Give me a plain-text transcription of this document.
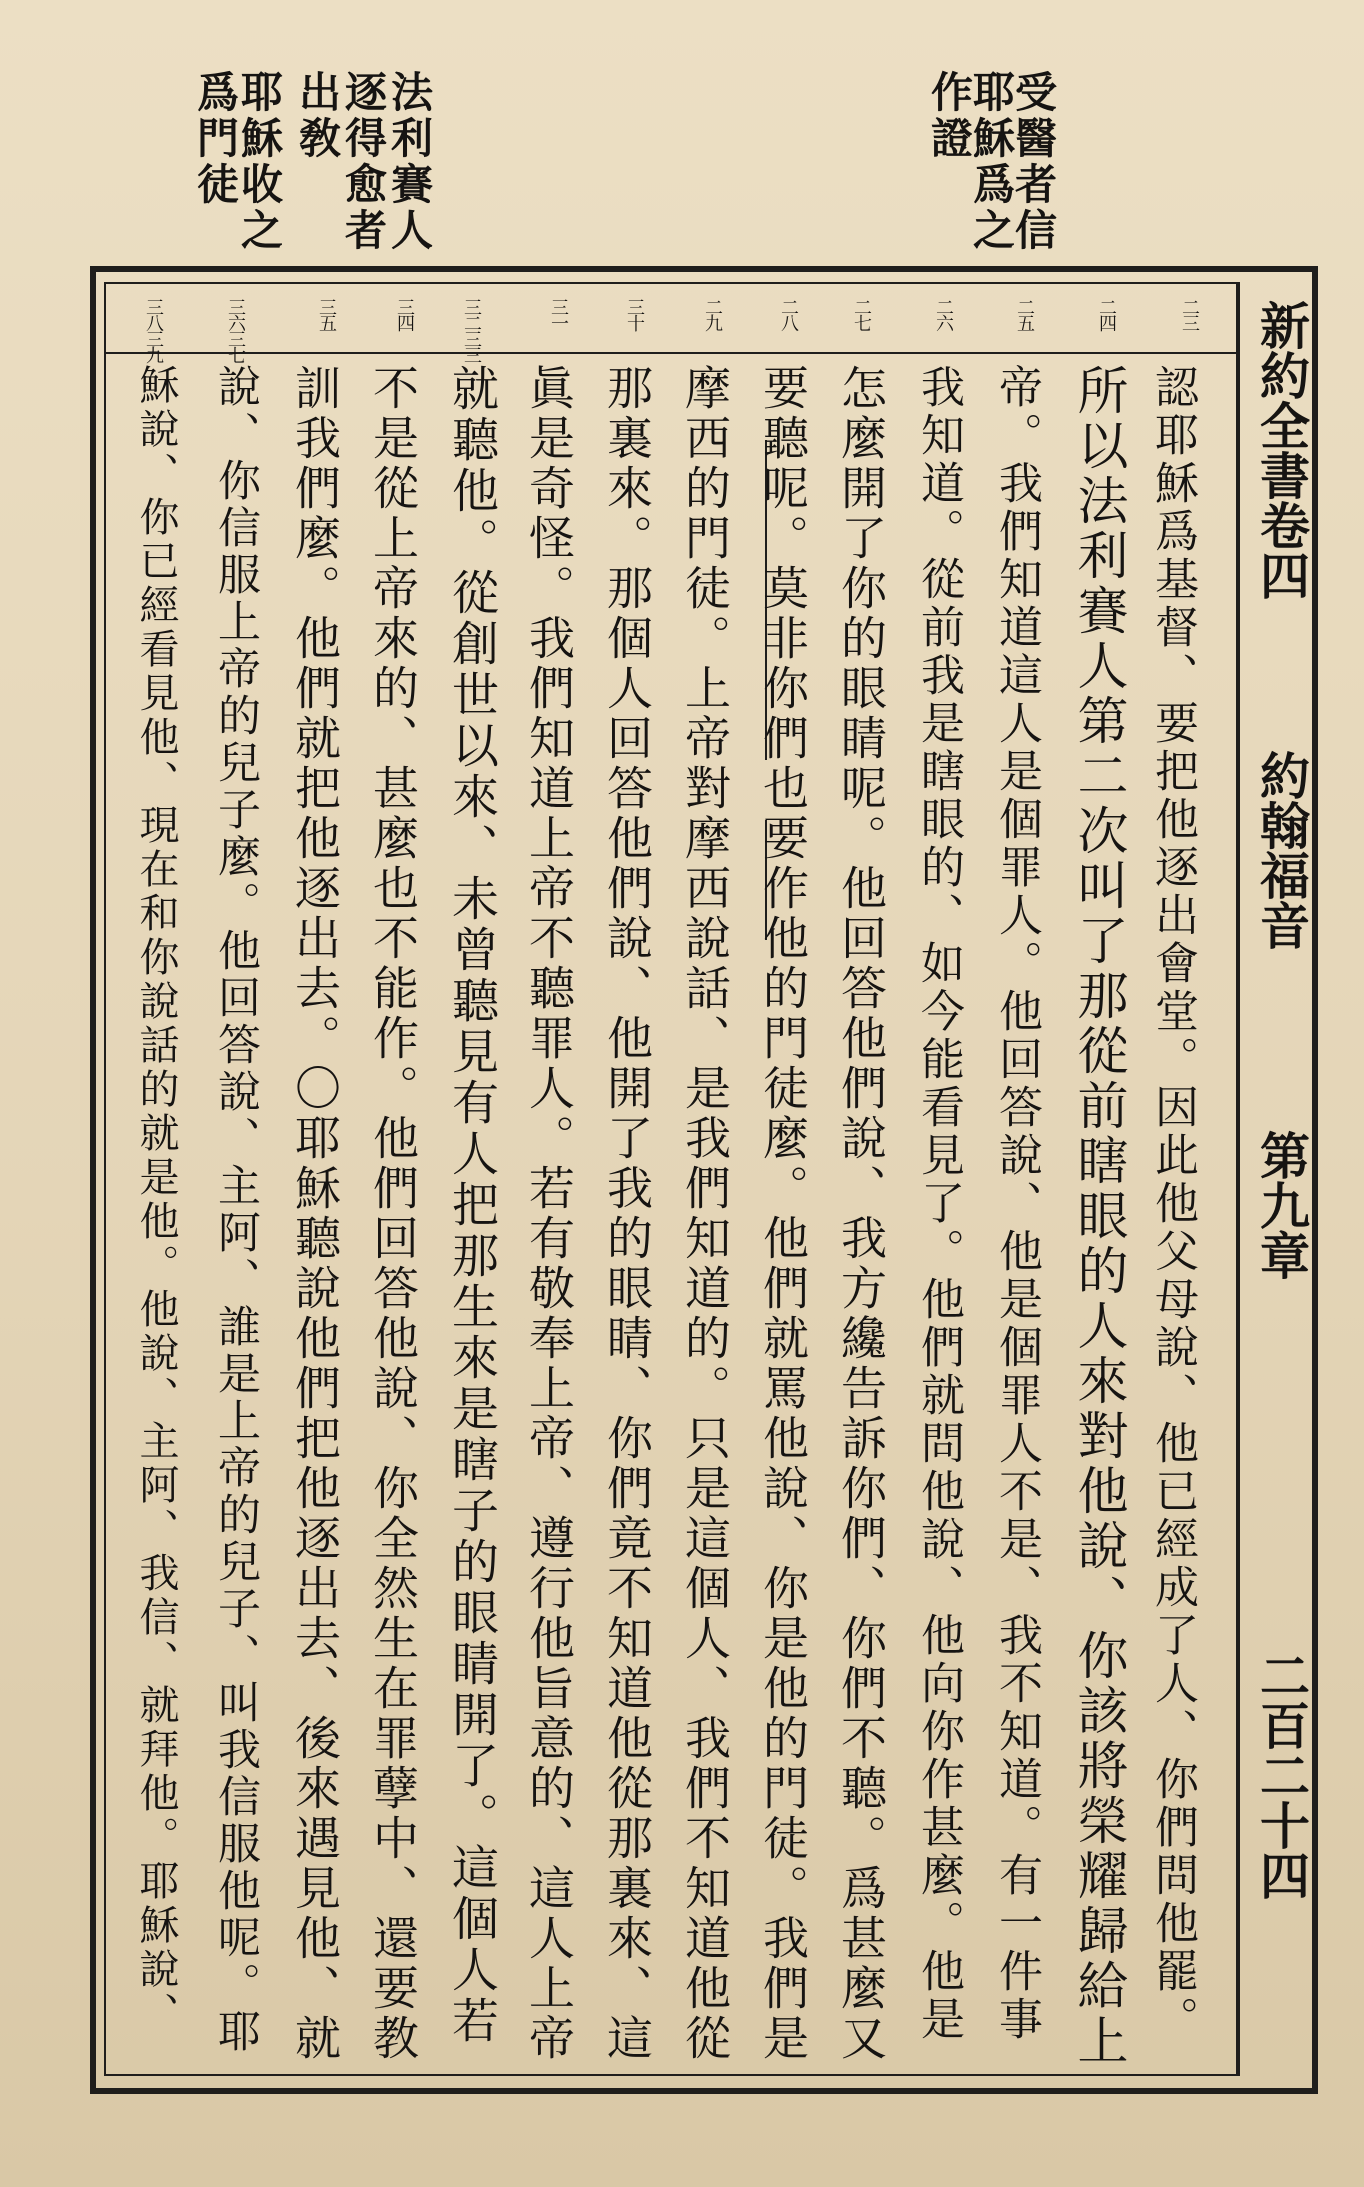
受醫者信
耶穌爲之
作證
法利賽人
逐得愈者
出敎
耶穌收之
爲門徒
新約全書卷四
約翰福音
第九章
二百二十四
二三
二四
二五
二六
二七
二八
二九
三十
三一
三二三三
三四
三五
三六三七
三八三九
認耶穌爲基督、要把他逐出會堂。因此他父母說、他已經成了人、你們問他罷。
所以法利賽人第二次叫了那從前瞎眼的人來對他說、你該將榮耀歸給上
帝。我們知道這人是個罪人。他回答說、他是個罪人不是、我不知道。有一件事
我知道。從前我是瞎眼的、如今能看見了。他們就問他說、他向你作甚麼。他是
怎麼開了你的眼睛呢。他回答他們說、我方纔告訴你們、你們不聽。爲甚麼又
要聽呢。莫非你們也要作他的門徒麼。他們就罵他說、你是他的門徒。我們是
摩西的門徒。上帝對摩西說話、是我們知道的。只是這個人、我們不知道他從
那裏來。那個人回答他們說、他開了我的眼睛、你們竟不知道他從那裏來、這
眞是奇怪。我們知道上帝不聽罪人。若有敬奉上帝、遵行他旨意的、這人上帝
就聽他。從創世以來、未曾聽見有人把那生來是瞎子的眼睛開了。這個人若
不是從上帝來的、甚麼也不能作。他們回答他說、你全然生在罪孽中、還要教
訓我們麼。他們就把他逐出去。〇耶穌聽說他們把他逐出去、後來遇見他、就
說、你信服上帝的兒子麼。他回答說、主阿、誰是上帝的兒子、叫我信服他呢。耶
穌說、你已經看見他、現在和你說話的就是他。他說、主阿、我信、就拜他。耶穌說、
